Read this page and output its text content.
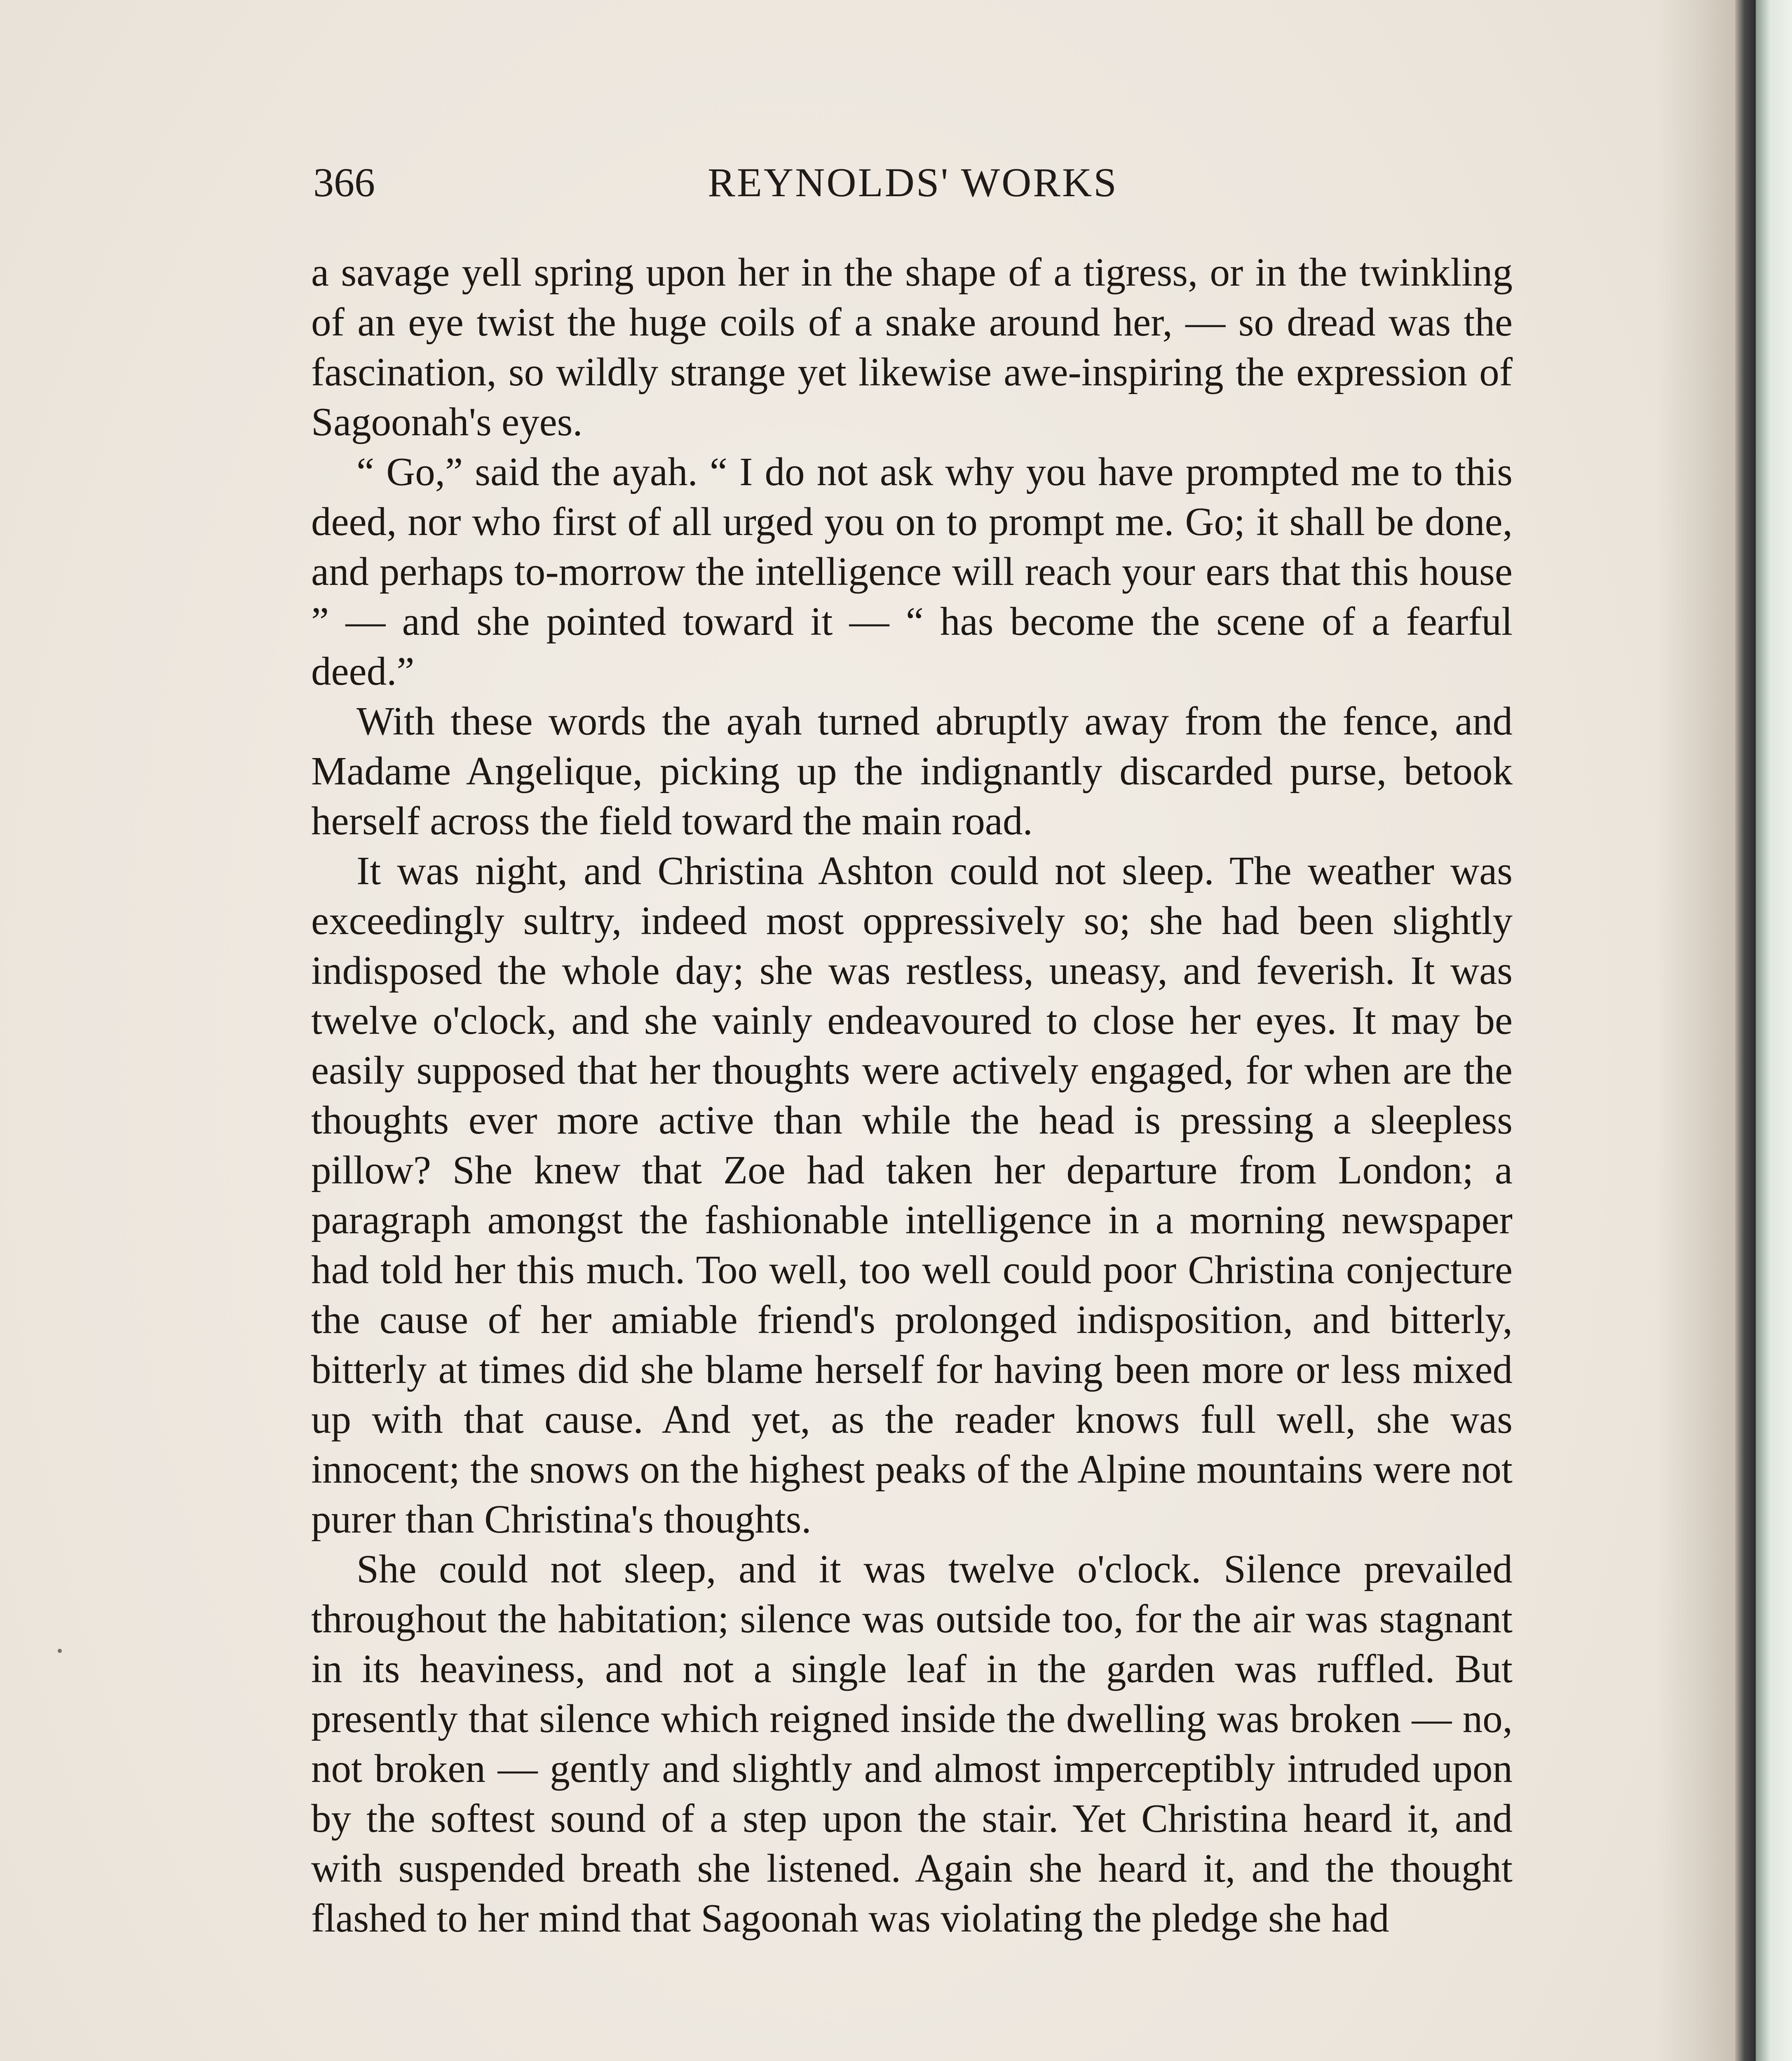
366	REYNOLDS' WORKS

a savage yell spring upon her in the shape of a tigress, or in the twinkling of an eye twist the huge coils of a snake around her, — so dread was the fascination, so wildly strange yet likewise awe-inspiring the expression of Sagoonah's eyes.

“ Go,” said the ayah. “ I do not ask why you have prompted me to this deed, nor who first of all urged you on to prompt me. Go; it shall be done, and perhaps to-morrow the intelligence will reach your ears that this house ” — and she pointed toward it — “ has become the scene of a fearful deed.”

With these words the ayah turned abruptly away from the fence, and Madame Angelique, picking up the indignantly discarded purse, betook herself across the field toward the main road.

It was night, and Christina Ashton could not sleep. The weather was exceedingly sultry, indeed most oppressively so; she had been slightly indisposed the whole day; she was restless, uneasy, and feverish. It was twelve o'clock, and she vainly endeavoured to close her eyes. It may be easily supposed that her thoughts were actively engaged, for when are the thoughts ever more active than while the head is pressing a sleepless pillow? She knew that Zoe had taken her departure from London; a paragraph amongst the fashionable intelligence in a morning newspaper had told her this much. Too well, too well could poor Christina conjecture the cause of her amiable friend's prolonged indisposition, and bitterly, bitterly at times did she blame herself for having been more or less mixed up with that cause. And yet, as the reader knows full well, she was innocent; the snows on the highest peaks of the Alpine mountains were not purer than Christina's thoughts.

She could not sleep, and it was twelve o'clock. Silence prevailed throughout the habitation; silence was outside too, for the air was stagnant in its heaviness, and not a single leaf in the garden was ruffled. But presently that silence which reigned inside the dwelling was broken — no, not broken — gently and slightly and almost imperceptibly intruded upon by the softest sound of a step upon the stair. Yet Christina heard it, and with suspended breath she listened. Again she heard it, and the thought flashed to her mind that Sagoonah was violating the pledge she had
